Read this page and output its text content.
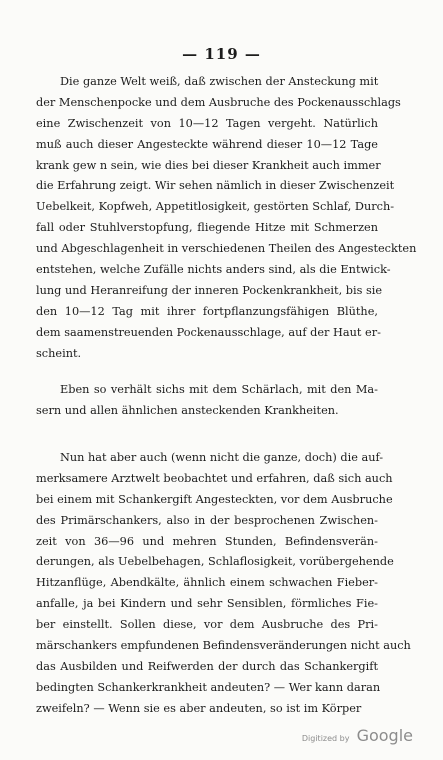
— 119 —
Die ganze Welt weiß, daß zwischen der Ansteckung mit
der Menschenpocke und dem Ausbruche des Pockenausschlags
eine Zwischenzeit von 10—12 Tagen vergeht. Natürlich
muß auch dieser Angesteckte während dieser 10—12 Tage
krank gew n sein, wie dies bei dieser Krankheit auch immer
die Erfahrung zeigt. Wir sehen nämlich in dieser Zwischenzeit
Uebelkeit, Kopfweh, Appetitlosigkeit, gestörten Schlaf, Durch-
fall oder Stuhlverstopfung, fliegende Hitze mit Schmerzen
und Abgeschlagenheit in verschiedenen Theilen des Angesteckten
entstehen, welche Zufälle nichts anders sind, als die Entwick-
lung und Heranreifung der inneren Pockenkrankheit, bis sie
den 10—12 Tag mit ihrer fortpflanzungsfähigen Blüthe,
dem saamenstreuenden Pockenausschlage, auf der Haut er-
scheint.
Eben so verhält sichs mit dem Schärlach, mit den Ma-
sern und allen ähnlichen ansteckenden Krankheiten.
Nun hat aber auch (wenn nicht die ganze, doch) die auf-
merksamere Arztwelt beobachtet und erfahren, daß sich auch
bei einem mit Schankergift Angesteckten, vor dem Ausbruche
des Primärschankers, also in der besprochenen Zwischen-
zeit von 36—96 und mehren Stunden, Befindensverän-
derungen, als Uebelbehagen, Schlaflosigkeit, vorübergehende
Hitzanflüge, Abendkälte, ähnlich einem schwachen Fieber-
anfalle, ja bei Kindern und sehr Sensiblen, förmliches Fie-
ber einstellt. Sollen diese, vor dem Ausbruche des Pri-
märschankers empfundenen Befindensveränderungen nicht auch
das Ausbilden und Reifwerden der durch das Schankergift
bedingten Schankerkrankheit andeuten? — Wer kann daran
zweifeln? — Wenn sie es aber andeuten, so ist im Körper
Digitized by Google
